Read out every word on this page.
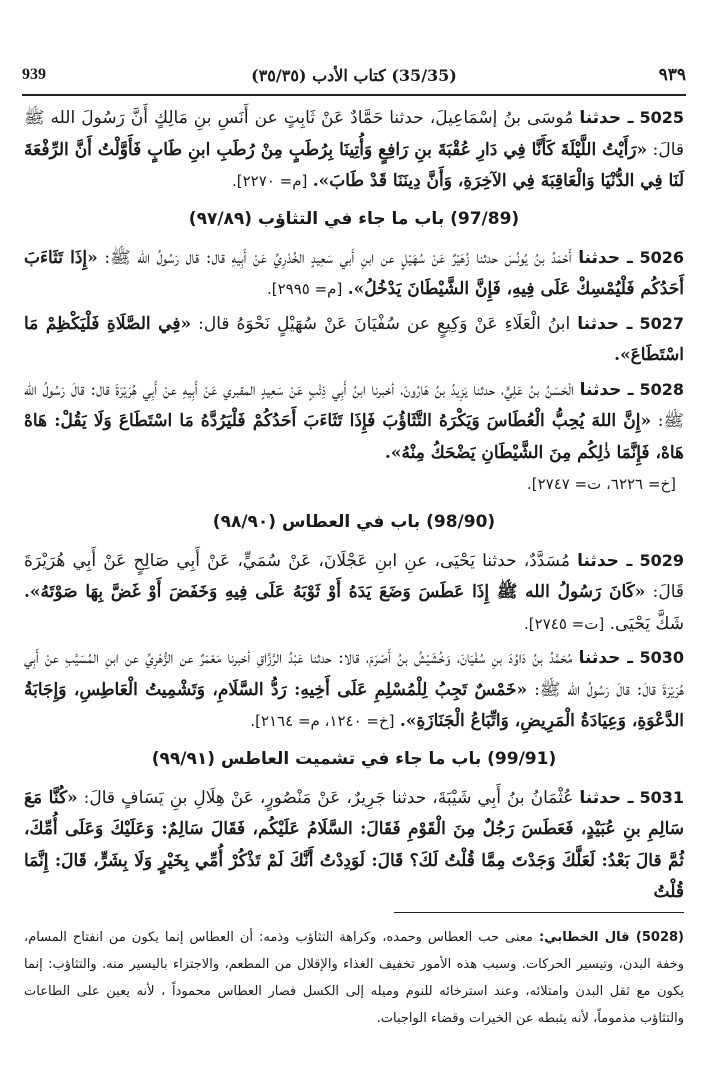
939	(35/35) كتاب الأدب (٣٥/٣٥)	٩٣٩

5025 ـ حدثنا مُوسَى بنُ إسْمَاعِيلَ، حدثنا حَمَّادٌ عَنْ ثَابِتٍ عن أَنَسِ بنِ مَالِكٍ أَنَّ رَسُولَ الله ﷺ قالَ: «رَأَيْتُ اللَّيْلَةَ كَأَنَّا فِي دَارِ عُقْبَةَ بنِ رَافِعٍ وَأُتِينَا بِرُطَبٍ مِنْ رُطَبِ ابنِ طَابٍ فَأَوَّلْتُ أَنَّ الرِّفْعَةَ لَنَا فِي الدُّنْيَا وَالْعَاقِبَةَ فِي الآخِرَةِ، وَأَنَّ دِينَنَا قَدْ طَابَ». [م= ٢٢٧٠].

(97/89) باب ما جاء في التثاؤب (٩٧/٨٩)

5026 ـ حدثنا أَحْمَدُ بنُ يُونُسَ حدثنا زُهَيْرٌ عَنْ سُهَيْلٍ عن ابنِ أَبي سَعِيدٍ الخُدْرِيِّ عَنْ أَبِيهِ قال: قال رَسُولُ الله ﷺ: «إِذَا تَثَاءَبَ أَحَدُكُم فَلْيُمْسِكْ عَلَى فِيهِ، فَإِنَّ الشَّيْطَانَ يَدْخُلُ». [م= ٢٩٩٥].

5027 ـ حدثنا ابنُ الْعَلَاءِ عَنْ وَكِيعٍ عن سُفْيَانَ عَنْ سُهَيْلٍ نَحْوَهُ قال: «فِي الصَّلَاةِ فَلْيَكْظِمْ مَا اسْتَطَاعَ».

5028 ـ حدثنا الْحَسَنُ بنُ عَلِيٍّ، حدثنا يَزِيدُ بنُ هَارُونَ، أخبرنا ابنُ أَبِي ذِئْبٍ عَنْ سَعِيدٍ المقبري عَنْ أَبِيهِ عنْ أَبِي هُرَيْرَةَ قال: قالَ رَسُولُ الله ﷺ: «إِنَّ اللهَ يُحِبُّ الْعُطَاسَ وَيَكْرَهُ التَّثَاؤُبَ فَإِذَا تَثَاءَبَ أَحَدُكُمْ فَلْيَرُدَّهُ مَا اسْتَطَاعَ وَلَا يَقُلْ: هَاهْ هَاهْ، فَإِنَّمَا ذٰلِكُم مِنَ الشَّيْطَانِ يَضْحَكُ مِنْهُ».
[خ= ٦٢٢٦، ت= ٢٧٤٧].

(98/90) باب في العطاس (٩٨/٩٠)

5029 ـ حدثنا مُسَدَّدٌ، حدثنا يَحْيَى، عنِ ابنِ عَجْلَانَ، عَنْ سُمَيٍّ، عَنْ أَبِي صَالِحٍ عَنْ أَبِي هُرَيْرَةَ قَالَ: «كَانَ رَسُولُ الله ﷺ إِذَا عَطَسَ وَضَعَ يَدَهُ أَوْ ثَوْبَهُ عَلَى فِيهِ وَخَفَضَ أَوْ غَضَّ بِهَا صَوْتَهُ». شَكَّ يَحْيَى. [ت= ٢٧٤٥].

5030 ـ حدثنا مُحَمَّدُ بنُ دَاوُدَ بنِ سُفْيَانَ، وَخُشَيْشُ بنُ أَصْرَمَ، قالا: حدثنا عَبْدُ الرَّزَّاقِ أخبرنا مَعْمَرٌ عن الزُّهْرِيِّ عن ابنِ المُسَيَّبِ عنْ أَبِي هُرَيْرَةَ قالَ: قالَ رَسُولُ الله ﷺ: «خَمْسٌ تَجِبُ لِلْمُسْلِمِ عَلَى أَخِيهِ: رَدُّ السَّلَامِ، وَتَشْمِيتُ الْعَاطِسِ، وَإِجَابَةُ الدَّعْوَةِ، وَعِيَادَةُ الْمَرِيضِ، وَاتِّبَاعُ الْجَنَازَةِ». [خ= ١٢٤٠، م= ٢١٦٤].

(99/91) باب ما جاء في تشميت العاطس (٩٩/٩١)

5031 ـ حدثنا عُثْمَانُ بنُ أَبِي شَيْبَةَ، حدثنا جَرِيرٌ، عَنْ مَنْصُورٍ، عَنْ هِلَالِ بنِ يَسَافٍ قالَ: «كُنَّا مَعَ سَالِمِ بنِ عُبَيْدٍ، فَعَطَسَ رَجُلٌ مِنَ الْقَوْمِ فَقَالَ: السَّلَامُ عَلَيْكُم، فَقَالَ سَالِمٌ: وَعَلَيْكَ وَعَلَى أُمِّكَ، ثُمَّ قالَ بَعْدُ: لَعَلَّكَ وَجَدْتَ مِمَّا قُلْتُ لَكَ؟ قَالَ: لَوَدِدْتُ أَنَّكَ لَمْ تَذْكُرْ أُمِّي بِخَيْرٍ وَلَا بِشَرٍّ، قَالَ: إِنَّمَا قُلْتُ

(5028) قال الخطابي: معنى حب العطاس وحمده، وكراهة التثاؤب وذمه: أن العطاس إنما يكون من انفتاح المسام، وخفة البدن، وتيسير الحركات. وسبب هذه الأمور تخفيف الغذاء والإقلال من المطعم، والاجتزاء باليسير منه. والتثاؤب: إنما يكون مع ثقل البدن وامتلائه، وعند استرخائه للنوم وميله إلى الكسل فصار العطاس محموداً ، لأنه يعين على الطاعات والتثاؤب مذموماً، لأنه يثبطه عن الخيرات وقضاء الواجبات.
